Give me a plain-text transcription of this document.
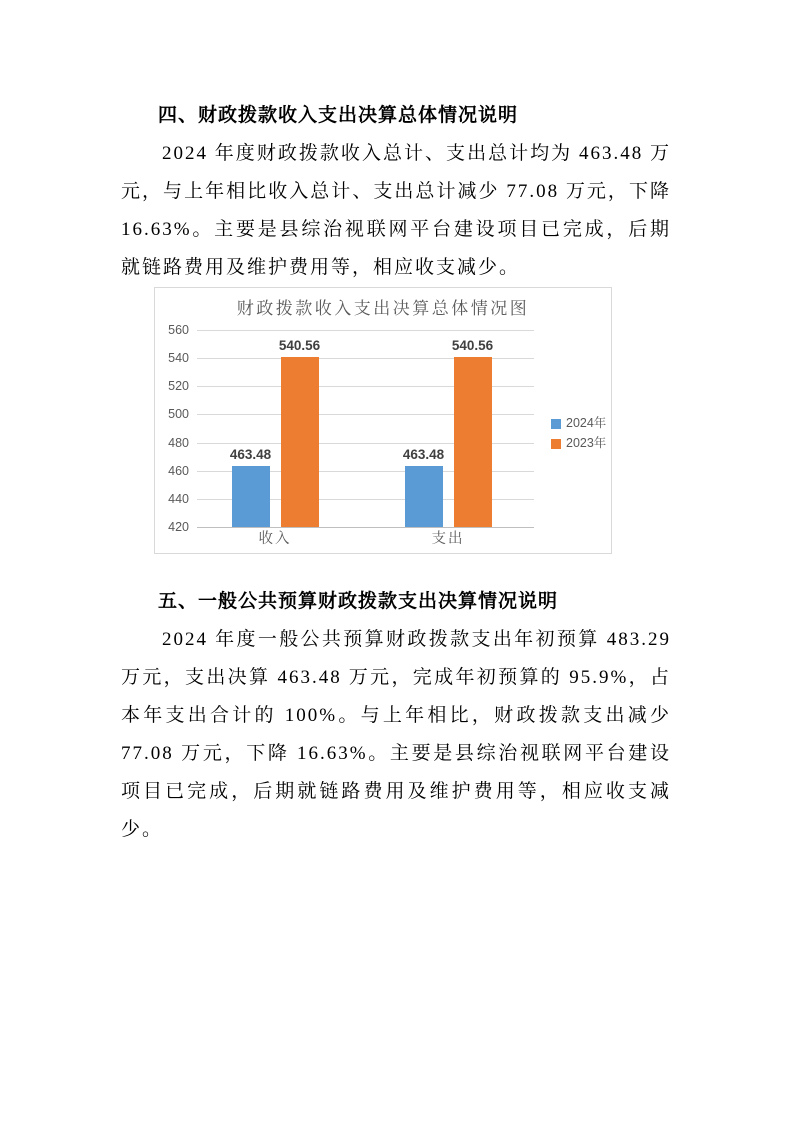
四、财政拨款收入支出决算总体情况说明
2024 年度财政拨款收入总计、支出总计均为 463.48 万元，与上年相比收入总计、支出总计减少 77.08 万元，下降 16.63%。主要是县综治视联网平台建设项目已完成，后期就链路费用及维护费用等，相应收支减少。
财政拨款收入支出决算总体情况图
2024年
2023年
560
540
520
500
480
460
440
420
463.48
540.56
收入
463.48
540.56
支出
五、一般公共预算财政拨款支出决算情况说明
2024 年度一般公共预算财政拨款支出年初预算 483.29 万元，支出决算 463.48 万元，完成年初预算的 95.9%，占本年支出合计的 100%。与上年相比，财政拨款支出减少 77.08 万元，下降 16.63%。主要是县综治视联网平台建设项目已完成，后期就链路费用及维护费用等，相应收支减少。
